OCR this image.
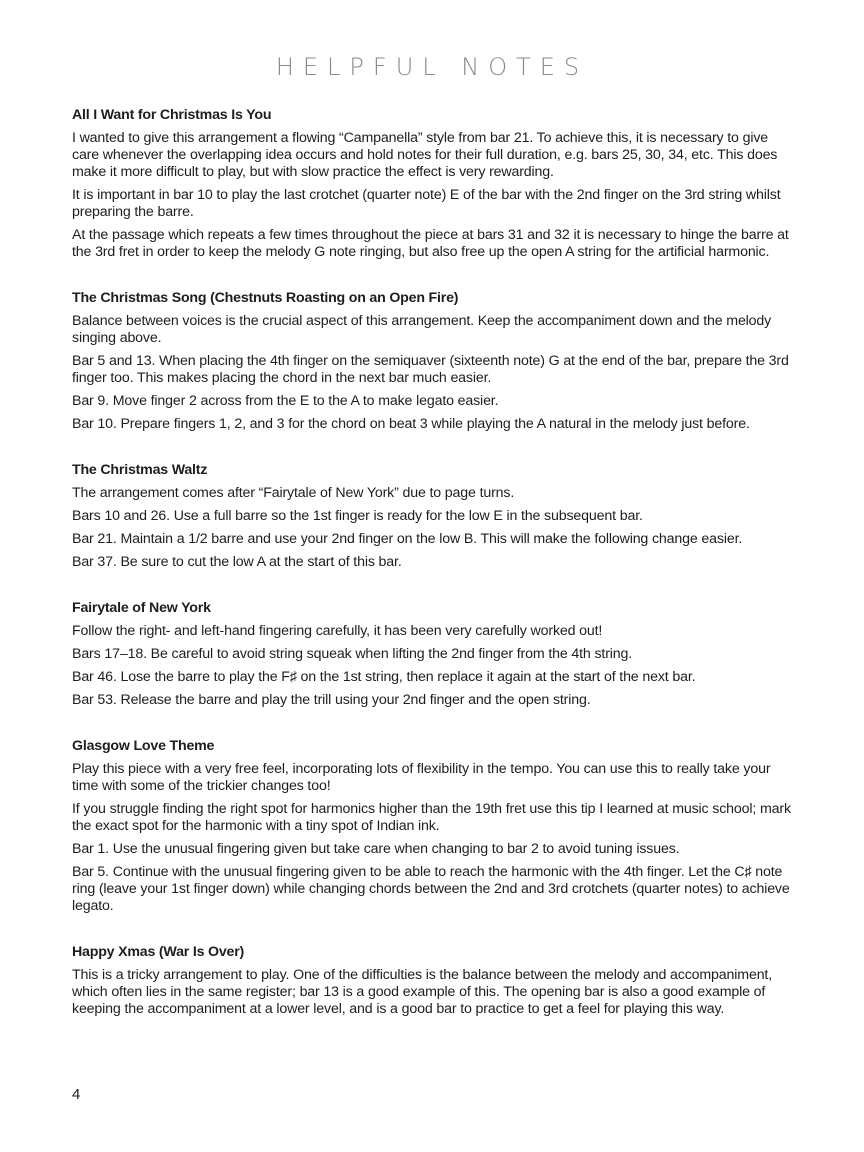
HELPFUL NOTES
All I Want for Christmas Is You

I wanted to give this arrangement a flowing “Campanella” style from bar 21. To achieve this, it is necessary to give care whenever the overlapping idea occurs and hold notes for their full duration, e.g. bars 25, 30, 34, etc. This does make it more difficult to play, but with slow practice the effect is very rewarding.

It is important in bar 10 to play the last crotchet (quarter note) E of the bar with the 2nd finger on the 3rd string whilst preparing the barre.

At the passage which repeats a few times throughout the piece at bars 31 and 32 it is necessary to hinge the barre at the 3rd fret in order to keep the melody G note ringing, but also free up the open A string for the artificial harmonic.

The Christmas Song (Chestnuts Roasting on an Open Fire)

Balance between voices is the crucial aspect of this arrangement. Keep the accompaniment down and the melody singing above.

Bar 5 and 13. When placing the 4th finger on the semiquaver (sixteenth note) G at the end of the bar, prepare the 3rd finger too. This makes placing the chord in the next bar much easier.

Bar 9. Move finger 2 across from the E to the A to make legato easier.

Bar 10. Prepare fingers 1, 2, and 3 for the chord on beat 3 while playing the A natural in the melody just before.

The Christmas Waltz

The arrangement comes after “Fairytale of New York” due to page turns.

Bars 10 and 26. Use a full barre so the 1st finger is ready for the low E in the subsequent bar.

Bar 21. Maintain a 1/2 barre and use your 2nd finger on the low B. This will make the following change easier.

Bar 37. Be sure to cut the low A at the start of this bar.

Fairytale of New York

Follow the right- and left-hand fingering carefully, it has been very carefully worked out!

Bars 17–18. Be careful to avoid string squeak when lifting the 2nd finger from the 4th string.

Bar 46. Lose the barre to play the F♯ on the 1st string, then replace it again at the start of the next bar.

Bar 53. Release the barre and play the trill using your 2nd finger and the open string.

Glasgow Love Theme

Play this piece with a very free feel, incorporating lots of flexibility in the tempo. You can use this to really take your time with some of the trickier changes too!

If you struggle finding the right spot for harmonics higher than the 19th fret use this tip I learned at music school; mark the exact spot for the harmonic with a tiny spot of Indian ink.

Bar 1. Use the unusual fingering given but take care when changing to bar 2 to avoid tuning issues.

Bar 5. Continue with the unusual fingering given to be able to reach the harmonic with the 4th finger. Let the C♯ note ring (leave your 1st finger down) while changing chords between the 2nd and 3rd crotchets (quarter notes) to achieve legato.

Happy Xmas (War Is Over)

This is a tricky arrangement to play. One of the difficulties is the balance between the melody and accompaniment, which often lies in the same register; bar 13 is a good example of this. The opening bar is also a good example of keeping the accompaniment at a lower level, and is a good bar to practice to get a feel for playing this way.

4
